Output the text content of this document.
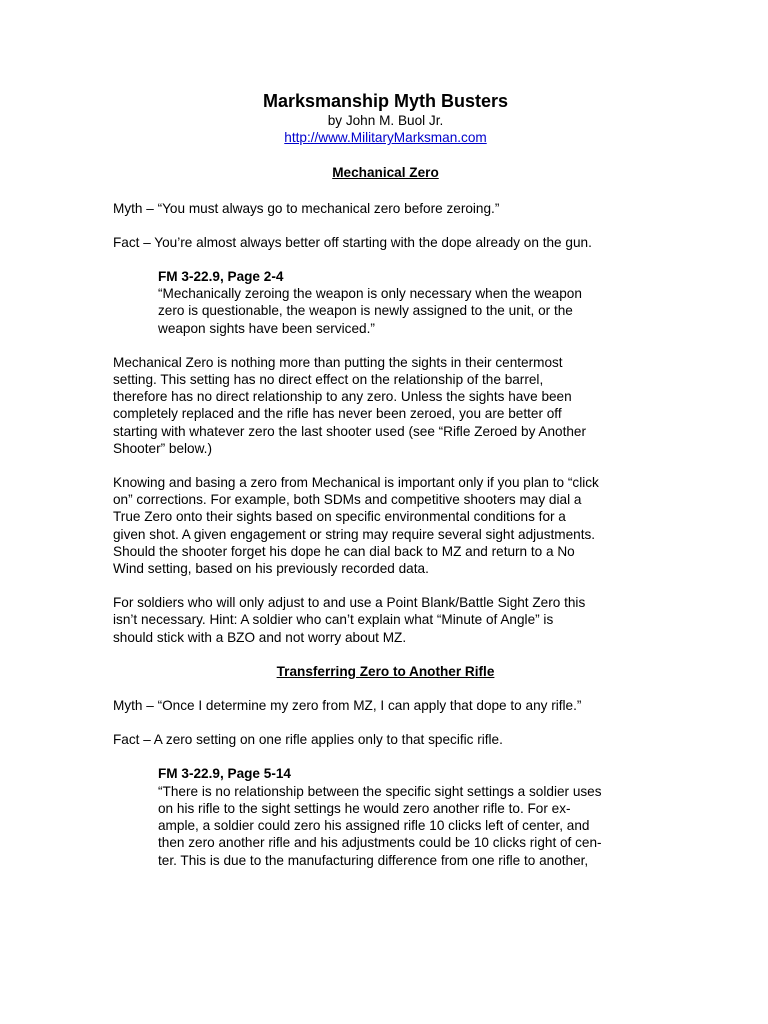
Marksmanship Myth Busters

by John M. Buol Jr.

http://www.MilitaryMarksman.com

Mechanical Zero

Myth – “You must always go to mechanical zero before zeroing.”

Fact – You’re almost always better off starting with the dope already on the gun.

FM 3-22.9, Page 2-4

“Mechanically zeroing the weapon is only necessary when the weapon
zero is questionable, the weapon is newly assigned to the unit, or the
weapon sights have been serviced.”

Mechanical Zero is nothing more than putting the sights in their centermost
setting. This setting has no direct effect on the relationship of the barrel,
therefore has no direct relationship to any zero. Unless the sights have been
completely replaced and the rifle has never been zeroed, you are better off
starting with whatever zero the last shooter used (see “Rifle Zeroed by Another
Shooter” below.)

Knowing and basing a zero from Mechanical is important only if you plan to “click
on” corrections. For example, both SDMs and competitive shooters may dial a
True Zero onto their sights based on specific environmental conditions for a
given shot. A given engagement or string may require several sight adjustments.
Should the shooter forget his dope he can dial back to MZ and return to a No
Wind setting, based on his previously recorded data.

For soldiers who will only adjust to and use a Point Blank/Battle Sight Zero this
isn’t necessary. Hint: A soldier who can’t explain what “Minute of Angle” is
should stick with a BZO and not worry about MZ.

Transferring Zero to Another Rifle

Myth – “Once I determine my zero from MZ, I can apply that dope to any rifle.”

Fact – A zero setting on one rifle applies only to that specific rifle.

FM 3-22.9, Page 5-14

“There is no relationship between the specific sight settings a soldier uses
on his rifle to the sight settings he would zero another rifle to. For ex-
ample, a soldier could zero his assigned rifle 10 clicks left of center, and
then zero another rifle and his adjustments could be 10 clicks right of cen-
ter. This is due to the manufacturing difference from one rifle to another,
